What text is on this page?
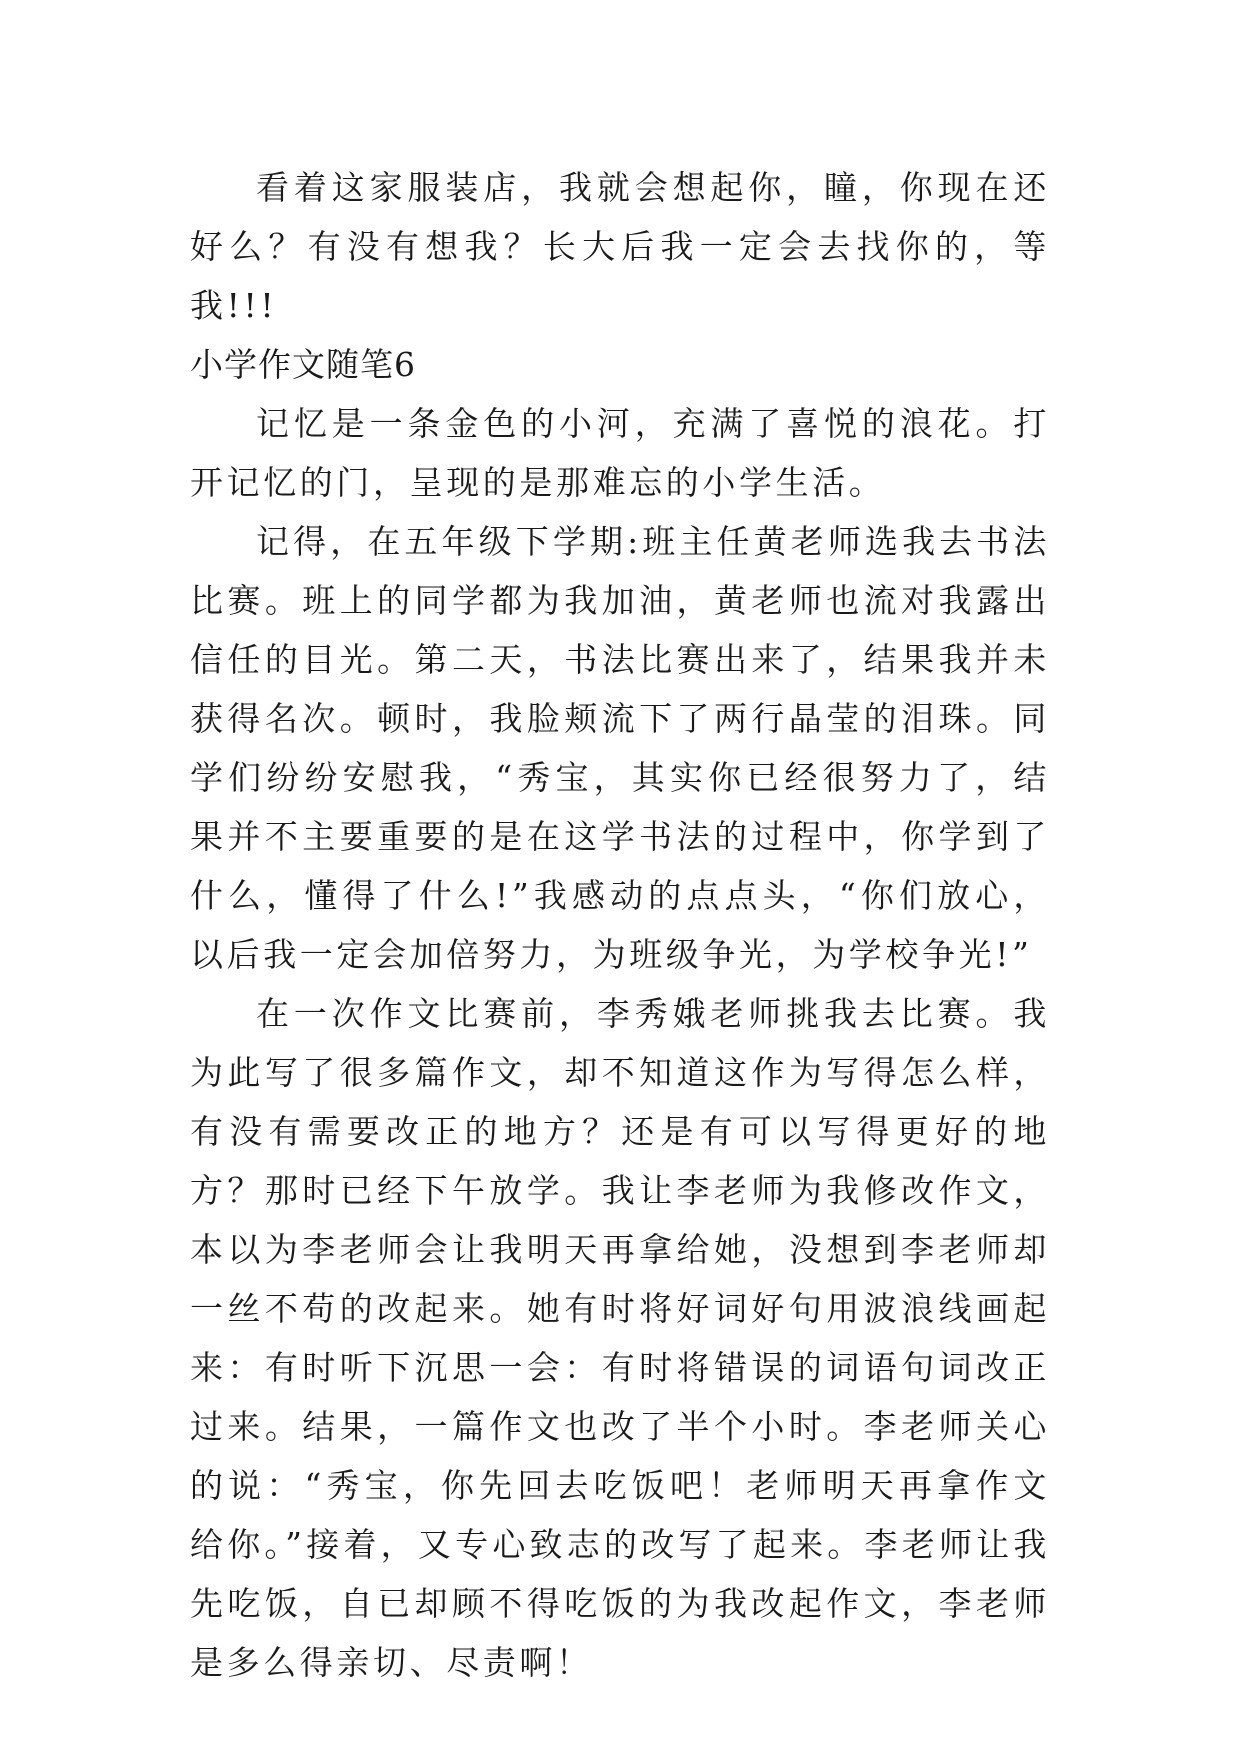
看着这家服装店，我就会想起你，瞳，你现在还好么？有没有想我？长大后我一定会去找你的，等我!!!

小学作文随笔6

记忆是一条金色的小河，充满了喜悦的浪花。打开记忆的门，呈现的是那难忘的小学生活。

记得，在五年级下学期:班主任黄老师选我去书法比赛。班上的同学都为我加油，黄老师也流对我露出信任的目光。第二天，书法比赛出来了，结果我并未获得名次。顿时，我脸颊流下了两行晶莹的泪珠。同学们纷纷安慰我，“秀宝，其实你已经很努力了，结果并不主要重要的是在这学书法的过程中，你学到了什么，懂得了什么!”我感动的点点头，“你们放心，以后我一定会加倍努力，为班级争光，为学校争光!”

在一次作文比赛前，李秀娥老师挑我去比赛。我为此写了很多篇作文，却不知道这作为写得怎么样，有没有需要改正的地方？还是有可以写得更好的地方？那时已经下午放学。我让李老师为我修改作文，本以为李老师会让我明天再拿给她，没想到李老师却一丝不苟的改起来。她有时将好词好句用波浪线画起来：有时听下沉思一会：有时将错误的词语句词改正过来。结果，一篇作文也改了半个小时。李老师关心的说：“秀宝，你先回去吃饭吧！老师明天再拿作文给你。”接着，又专心致志的改写了起来。李老师让我先吃饭，自已却顾不得吃饭的为我改起作文，李老师是多么得亲切、尽责啊！
